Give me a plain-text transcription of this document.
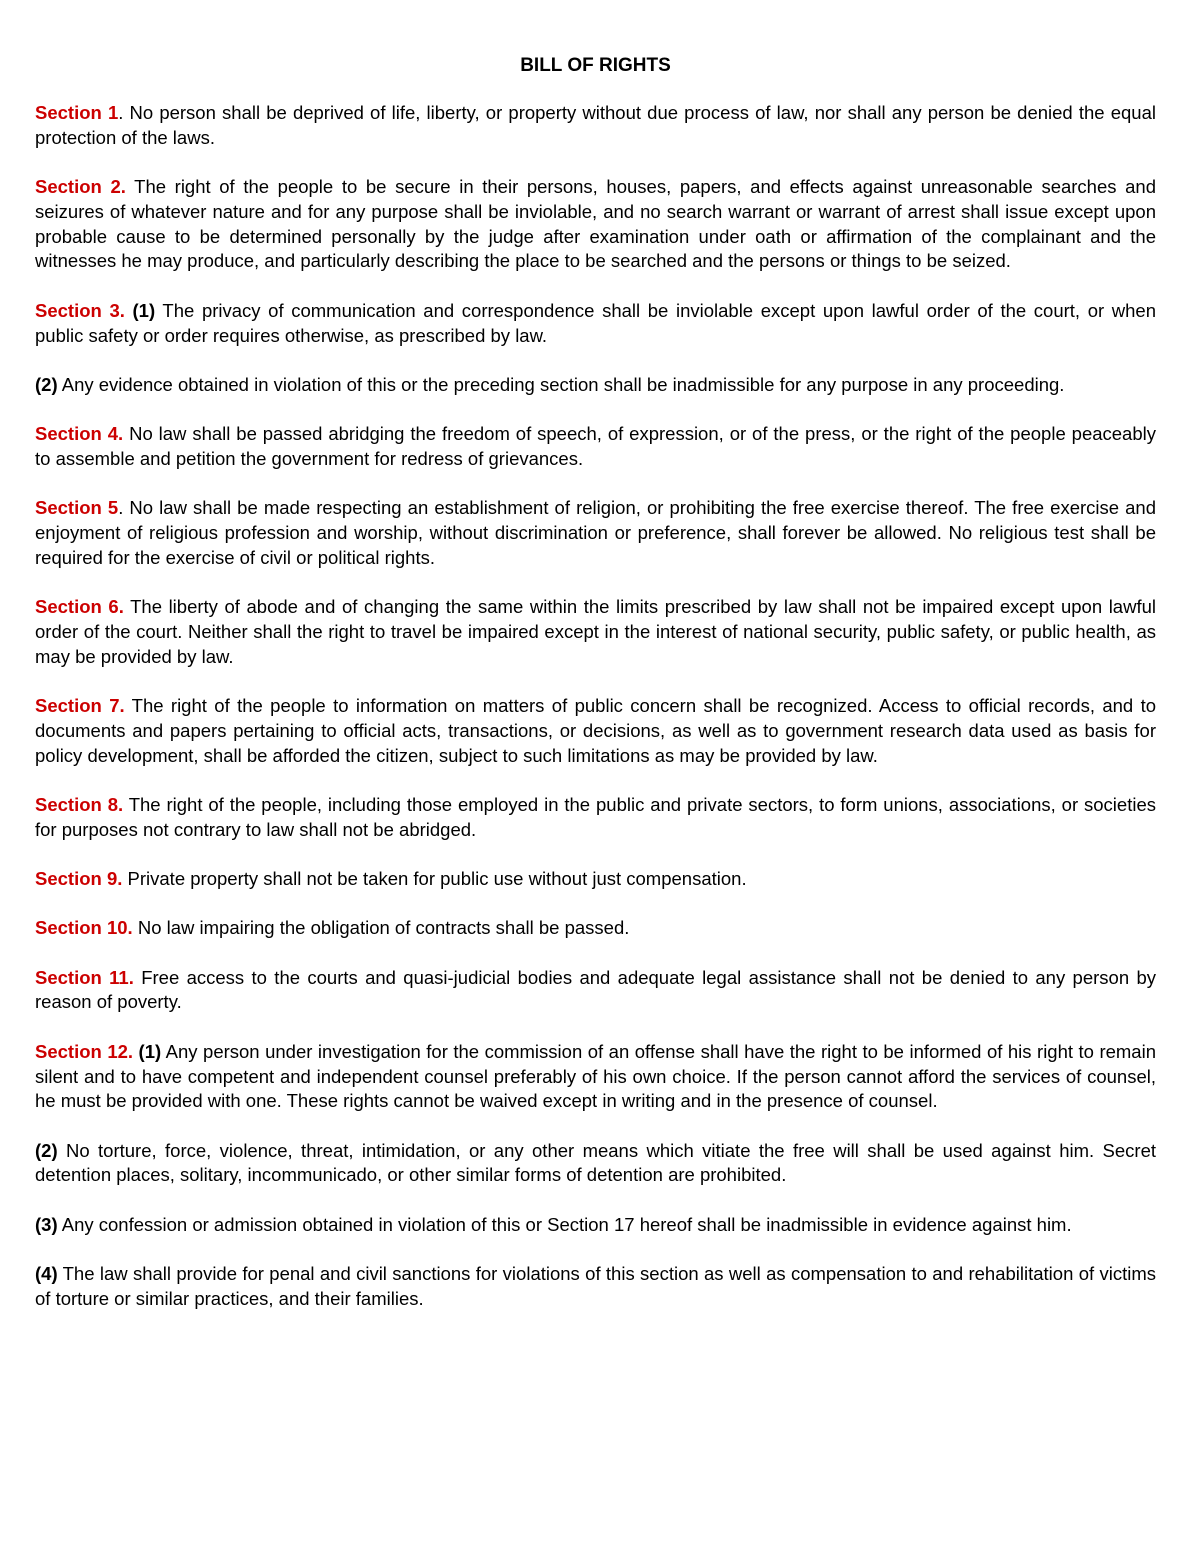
BILL OF RIGHTS
Section 1. No person shall be deprived of life, liberty, or property without due process of law, nor shall any person be denied the equal protection of the laws.
Section 2. The right of the people to be secure in their persons, houses, papers, and effects against unreasonable searches and seizures of whatever nature and for any purpose shall be inviolable, and no search warrant or warrant of arrest shall issue except upon probable cause to be determined personally by the judge after examination under oath or affirmation of the complainant and the witnesses he may produce, and particularly describing the place to be searched and the persons or things to be seized.
Section 3. (1) The privacy of communication and correspondence shall be inviolable except upon lawful order of the court, or when public safety or order requires otherwise, as prescribed by law.
(2) Any evidence obtained in violation of this or the preceding section shall be inadmissible for any purpose in any proceeding.
Section 4. No law shall be passed abridging the freedom of speech, of expression, or of the press, or the right of the people peaceably to assemble and petition the government for redress of grievances.
Section 5. No law shall be made respecting an establishment of religion, or prohibiting the free exercise thereof. The free exercise and enjoyment of religious profession and worship, without discrimination or preference, shall forever be allowed. No religious test shall be required for the exercise of civil or political rights.
Section 6. The liberty of abode and of changing the same within the limits prescribed by law shall not be impaired except upon lawful order of the court. Neither shall the right to travel be impaired except in the interest of national security, public safety, or public health, as may be provided by law.
Section 7. The right of the people to information on matters of public concern shall be recognized. Access to official records, and to documents and papers pertaining to official acts, transactions, or decisions, as well as to government research data used as basis for policy development, shall be afforded the citizen, subject to such limitations as may be provided by law.
Section 8. The right of the people, including those employed in the public and private sectors, to form unions, associations, or societies for purposes not contrary to law shall not be abridged.
Section 9. Private property shall not be taken for public use without just compensation.
Section 10. No law impairing the obligation of contracts shall be passed.
Section 11. Free access to the courts and quasi-judicial bodies and adequate legal assistance shall not be denied to any person by reason of poverty.
Section 12. (1) Any person under investigation for the commission of an offense shall have the right to be informed of his right to remain silent and to have competent and independent counsel preferably of his own choice. If the person cannot afford the services of counsel, he must be provided with one. These rights cannot be waived except in writing and in the presence of counsel.
(2) No torture, force, violence, threat, intimidation, or any other means which vitiate the free will shall be used against him. Secret detention places, solitary, incommunicado, or other similar forms of detention are prohibited.
(3) Any confession or admission obtained in violation of this or Section 17 hereof shall be inadmissible in evidence against him.
(4) The law shall provide for penal and civil sanctions for violations of this section as well as compensation to and rehabilitation of victims of torture or similar practices, and their families.
